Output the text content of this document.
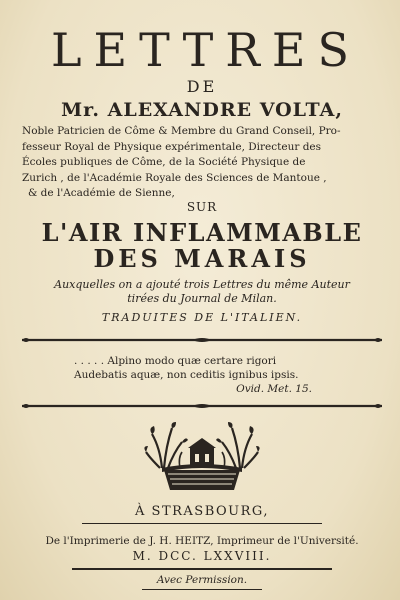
LETTRES
DE
Mr. ALEXANDRE VOLTA,
Noble Patricien de Côme & Membre du Grand Conseil, Pro-
fesseur Royal de Physique expérimentale, Directeur des
Écoles publiques de Côme, de la Société Physique de
Zurich , de l'Académie Royale des Sciences de Mantoue ,
& de l'Académie de Sienne,
SUR
L'AIR INFLAMMABLE
DES MARAIS
Auxquelles on a ajouté trois Lettres du même Auteur
tirées du Journal de Milan.
TRADUITES DE L'ITALIEN.
. . . . . Alpino modo quæ certare rigori
Audebatis aquæ, non ceditis ignibus ipsis.
Ovid. Met. 15.
À STRASBOURG,
De l'Imprimerie de J. H. HEITZ, Imprimeur de l'Université.
M. DCC. LXXVIII.
Avec Permission.
